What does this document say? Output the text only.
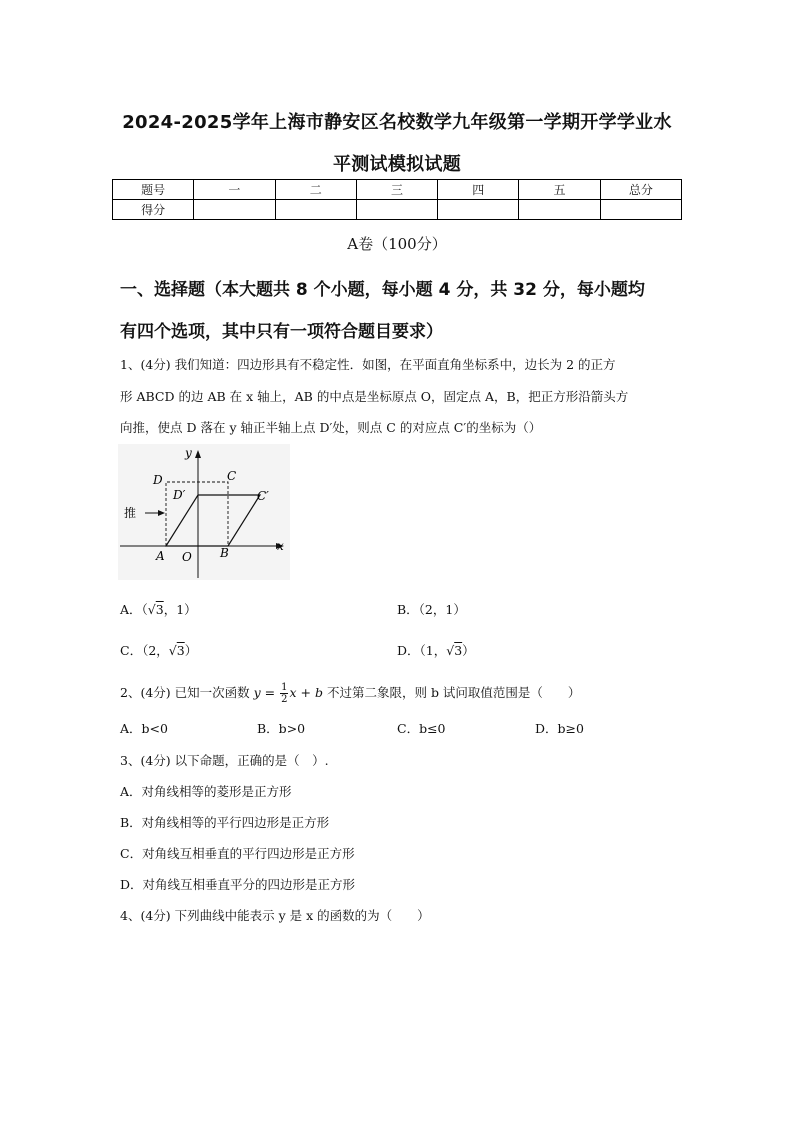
2024-2025学年上海市静安区名校数学九年级第一学期开学学业水
平测试模拟试题
题号	一	二	三	四	五	总分
得分						
A卷（100分）
一、选择题（本大题共 8 个小题，每小题 4 分，共 32 分，每小题均
有四个选项，其中只有一项符合题目要求）
1、(4分) 我们知道：四边形具有不稳定性．如图，在平面直角坐标系中，边长为 2 的正方
形 ABCD 的边 AB 在 x 轴上，AB 的中点是坐标原点 O，固定点 A，B，把正方形沿箭头方
向推，使点 D 落在 y 轴正半轴上点 D′处，则点 C 的对应点 C′的坐标为（）
y
x
D	C
D′	C′
A O B
推
A．（√3，1）	B．（2，1）
C．（2，√3）	D．（1，√3）
2、(4分) 已知一次函数 $y = \frac{1}{2}$ x + b 不过第二象限，则 b 试问取值范围是（　　）
A．b<0	B．b>0	C．b≤0	D．b≥0
3、(4分) 以下命题，正确的是（　）.
A．对角线相等的菱形是正方形
B．对角线相等的平行四边形是正方形
C．对角线互相垂直的平行四边形是正方形
D．对角线互相垂直平分的四边形是正方形
4、(4分) 下列曲线中能表示 y 是 x 的函数的为（　　）
